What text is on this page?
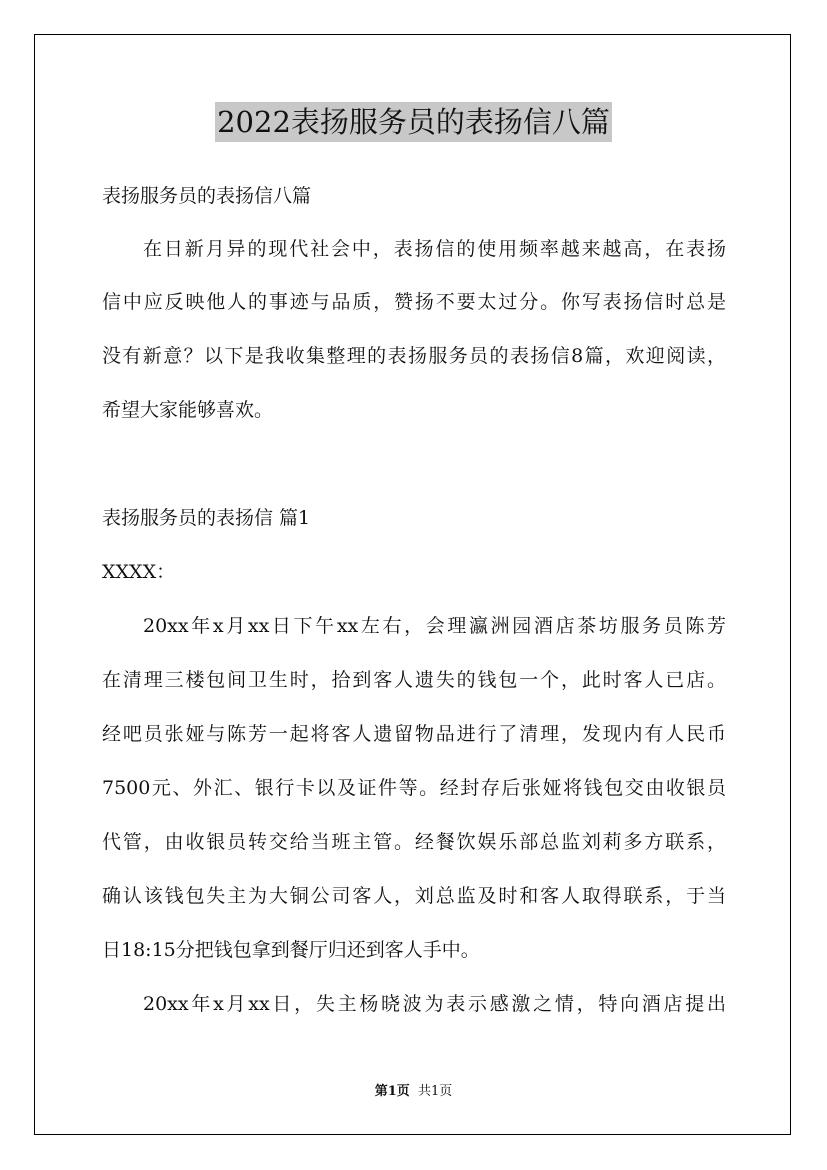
2022表扬服务员的表扬信八篇
表扬服务员的表扬信八篇
在日新月异的现代社会中，表扬信的使用频率越来越高，在表扬
信中应反映他人的事迹与品质，赞扬不要太过分。你写表扬信时总是
没有新意？以下是我收集整理的表扬服务员的表扬信8篇，欢迎阅读，
希望大家能够喜欢。
表扬服务员的表扬信 篇1
XXXX：
20xx年x月xx日下午xx左右，会理瀛洲园酒店茶坊服务员陈芳
在清理三楼包间卫生时，拾到客人遗失的钱包一个，此时客人已店。
经吧员张娅与陈芳一起将客人遗留物品进行了清理，发现内有人民币
7500元、外汇、银行卡以及证件等。经封存后张娅将钱包交由收银员
代管，由收银员转交给当班主管。经餐饮娱乐部总监刘莉多方联系，
确认该钱包失主为大铜公司客人，刘总监及时和客人取得联系，于当
日18:15分把钱包拿到餐厅归还到客人手中。
20xx年x月xx日，失主杨晓波为表示感激之情，特向酒店提出
第1页 共1页
